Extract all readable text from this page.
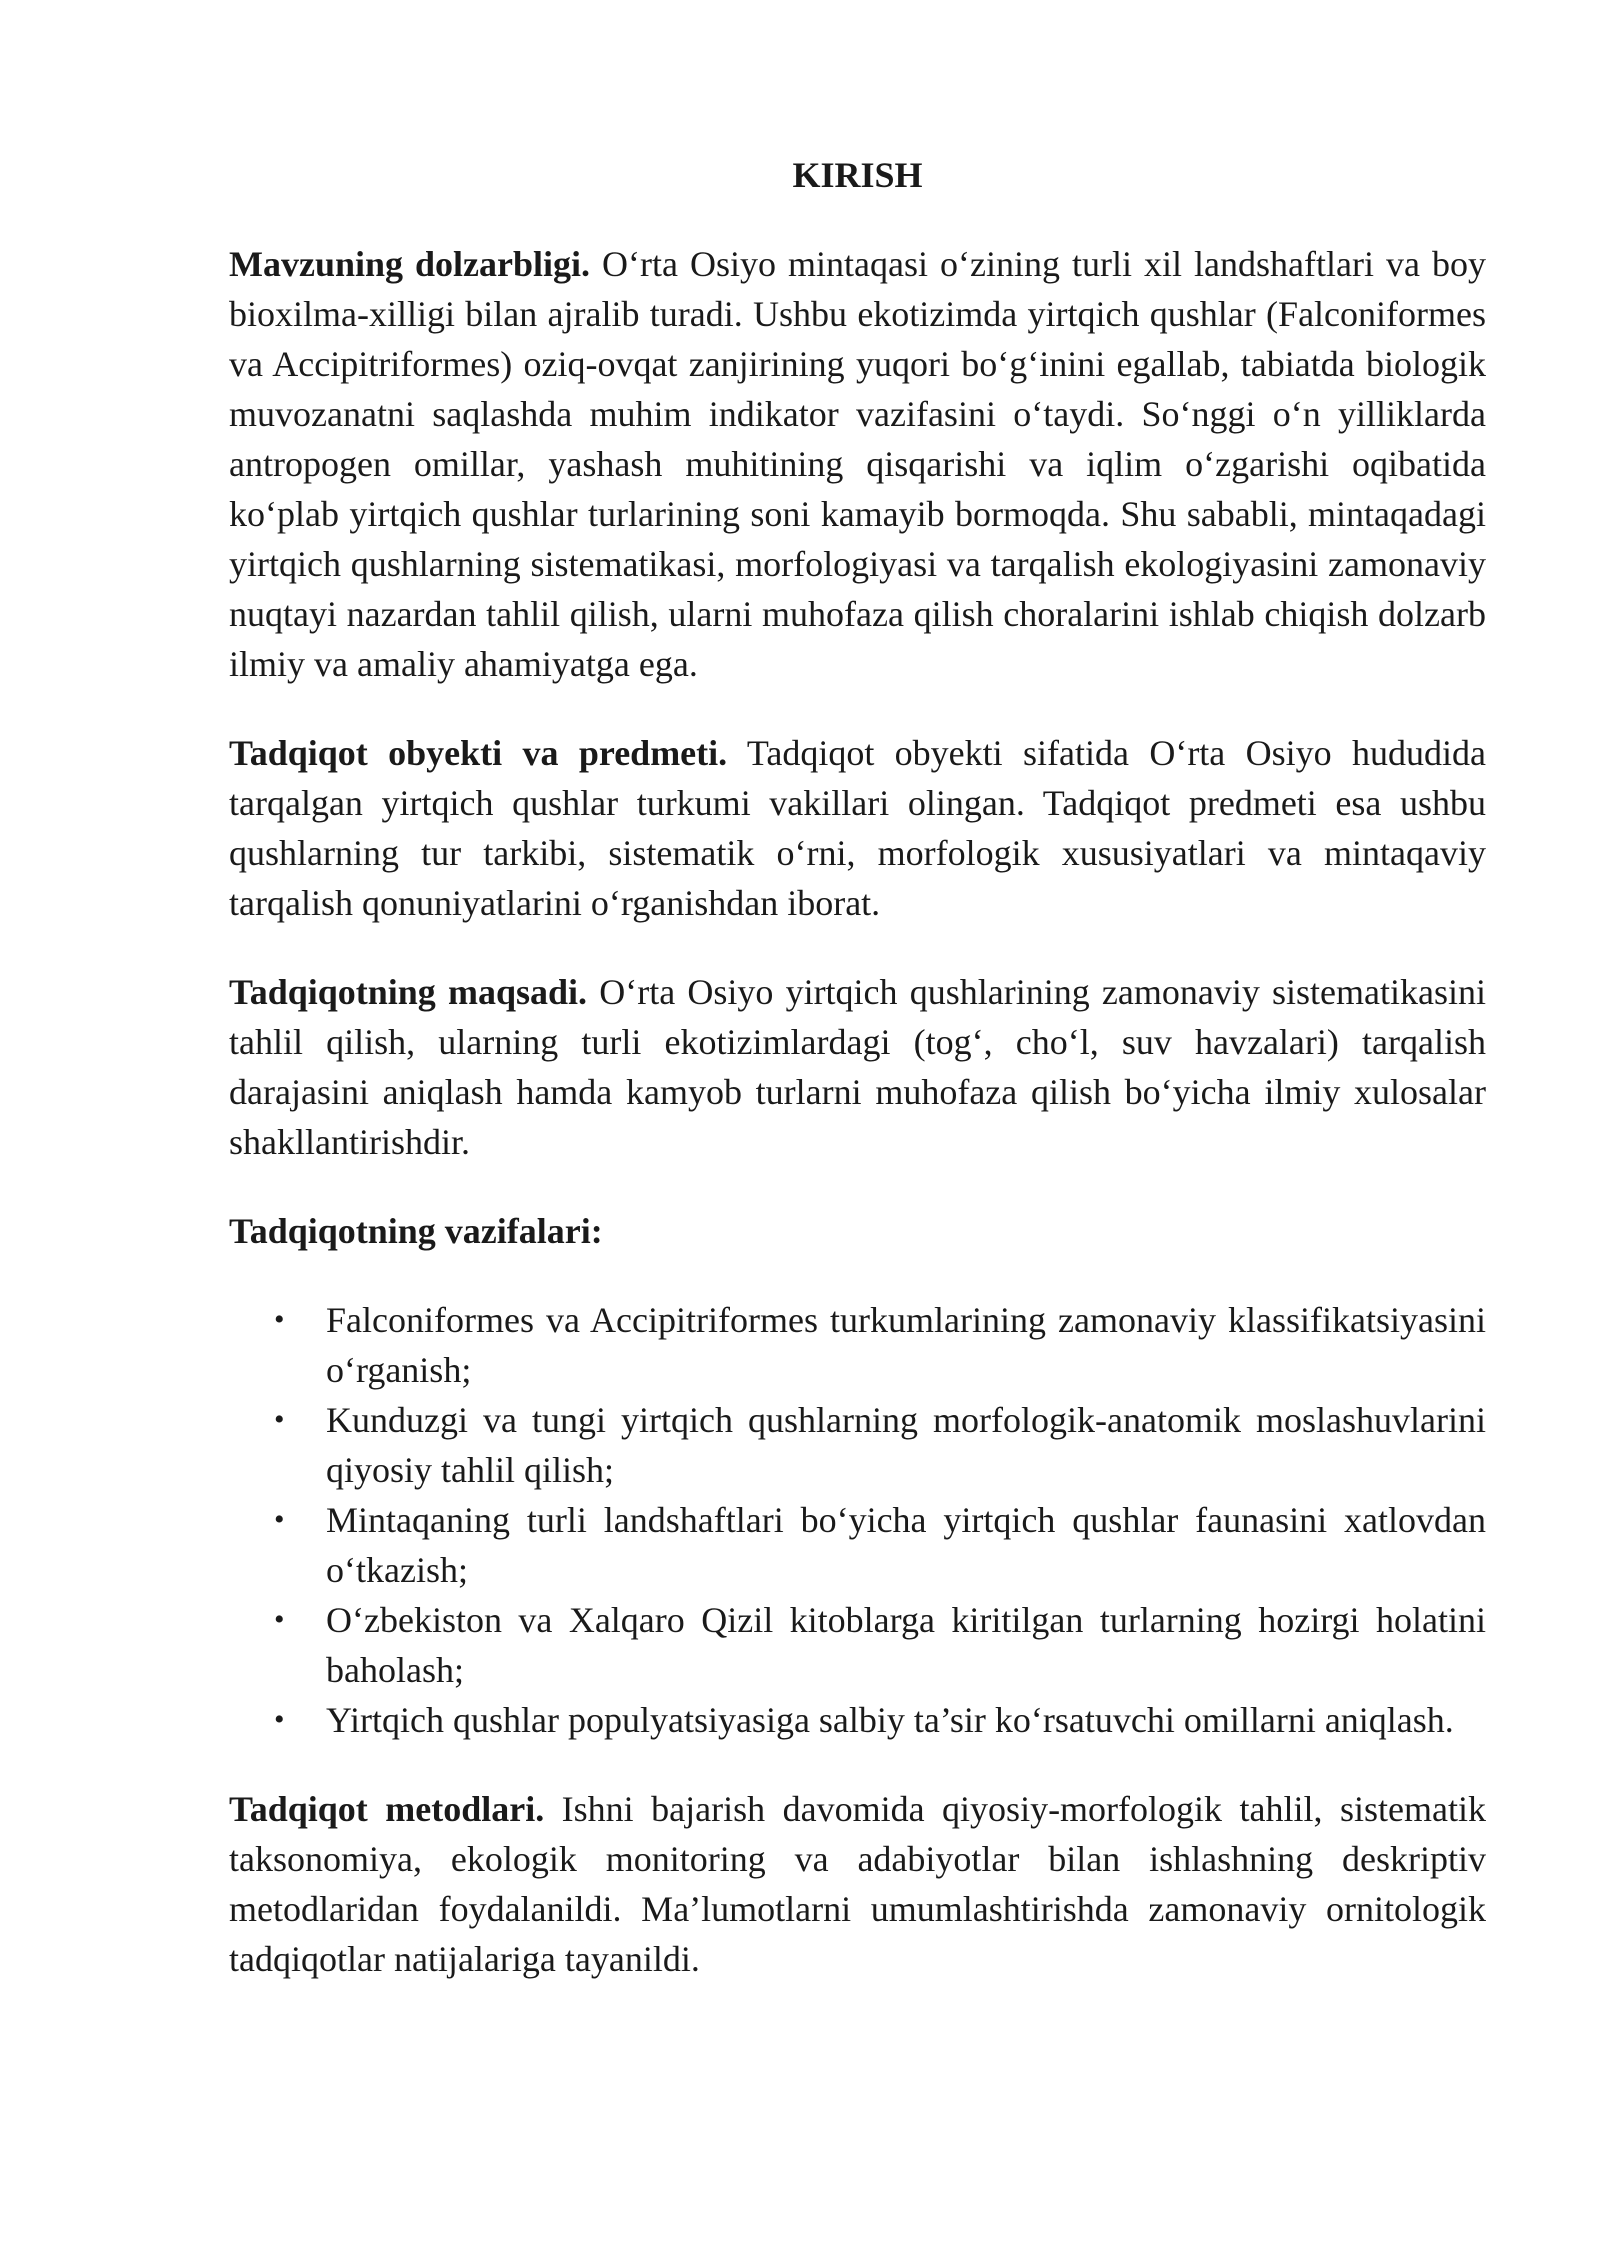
KIRISH

Mavzuning dolzarbligi. O‘rta Osiyo mintaqasi o‘zining turli xil landshaftlari va boy bioxilma-xilligi bilan ajralib turadi. Ushbu ekotizimda yirtqich qushlar (Falconiformes va Accipitriformes) oziq-ovqat zanjirining yuqori bo‘g‘inini egallab, tabiatda biologik muvozanatni saqlashda muhim indikator vazifasini o‘taydi. So‘nggi o‘n yilliklarda antropogen omillar, yashash muhitining qisqarishi va iqlim o‘zgarishi oqibatida ko‘plab yirtqich qushlar turlarining soni kamayib bormoqda. Shu sababli, mintaqadagi yirtqich qushlarning sistematikasi, morfologiyasi va tarqalish ekologiyasini zamonaviy nuqtayi nazardan tahlil qilish, ularni muhofaza qilish choralarini ishlab chiqish dolzarb ilmiy va amaliy ahamiyatga ega.

Tadqiqot obyekti va predmeti. Tadqiqot obyekti sifatida O‘rta Osiyo hududida tarqalgan yirtqich qushlar turkumi vakillari olingan. Tadqiqot predmeti esa ushbu qushlarning tur tarkibi, sistematik o‘rni, morfologik xususiyatlari va mintaqaviy tarqalish qonuniyatlarini o‘rganishdan iborat.

Tadqiqotning maqsadi. O‘rta Osiyo yirtqich qushlarining zamonaviy sistematikasini tahlil qilish, ularning turli ekotizimlardagi (tog‘, cho‘l, suv havzalari) tarqalish darajasini aniqlash hamda kamyob turlarni muhofaza qilish bo‘yicha ilmiy xulosalar shakllantirishdir.

Tadqiqotning vazifalari:
• Falconiformes va Accipitriformes turkumlarining zamonaviy klassifikatsiyasini o‘rganish;
• Kunduzgi va tungi yirtqich qushlarning morfologik-anatomik moslashuvlarini qiyosiy tahlil qilish;
• Mintaqaning turli landshaftlari bo‘yicha yirtqich qushlar faunasini xatlovdan o‘tkazish;
• O‘zbekiston va Xalqaro Qizil kitoblarga kiritilgan turlarning hozirgi holatini baholash;
• Yirtqich qushlar populyatsiyasiga salbiy ta’sir ko‘rsatuvchi omillarni aniqlash.

Tadqiqot metodlari. Ishni bajarish davomida qiyosiy-morfologik tahlil, sistematik taksonomiya, ekologik monitoring va adabiyotlar bilan ishlashning deskriptiv metodlaridan foydalanildi. Ma’lumotlarni umumlashtirishda zamonaviy ornitologik tadqiqotlar natijalariga tayanildi.
